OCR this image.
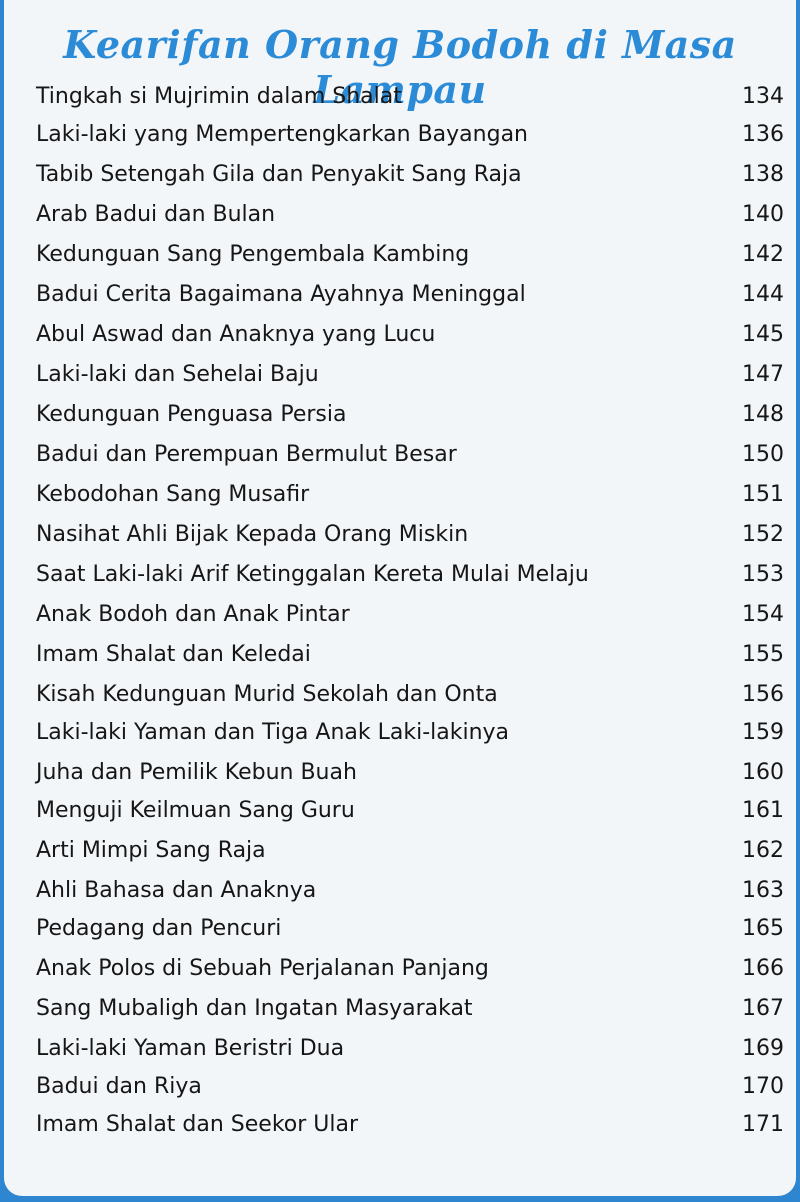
Kearifan Orang Bodoh di Masa Lampau
Tingkah si Mujrimin dalam Shalat	134
Laki-laki yang Mempertengkarkan Bayangan	136
Tabib Setengah Gila dan Penyakit Sang Raja	138
Arab Badui dan Bulan	140
Kedunguan Sang Pengembala Kambing	142
Badui Cerita Bagaimana Ayahnya Meninggal	144
Abul Aswad dan Anaknya yang Lucu	145
Laki-laki dan Sehelai Baju	147
Kedunguan Penguasa Persia	148
Badui dan Perempuan Bermulut Besar	150
Kebodohan Sang Musafir	151
Nasihat Ahli Bijak Kepada Orang Miskin	152
Saat Laki-laki Arif Ketinggalan Kereta Mulai Melaju	153
Anak Bodoh dan Anak Pintar	154
Imam Shalat dan Keledai	155
Kisah Kedunguan Murid Sekolah dan Onta	156
Laki-laki Yaman dan Tiga Anak Laki-lakinya	159
Juha dan Pemilik Kebun Buah	160
Menguji Keilmuan Sang Guru	161
Arti Mimpi Sang Raja	162
Ahli Bahasa dan Anaknya	163
Pedagang dan Pencuri	165
Anak Polos di Sebuah Perjalanan Panjang	166
Sang Mubaligh dan Ingatan Masyarakat	167
Laki-laki Yaman Beristri Dua	169
Badui dan Riya	170
Imam Shalat dan Seekor Ular	171
